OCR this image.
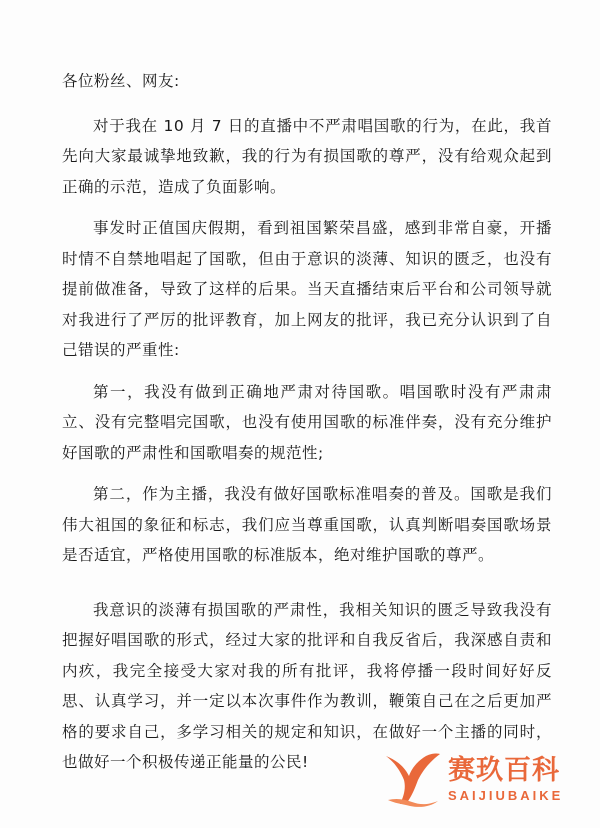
各位粉丝、网友:

对于我在 10 月 7 日的直播中不严肃唱国歌的行为，在此，我首先向大家最诚挚地致歉，我的行为有损国歌的尊严，没有给观众起到正确的示范，造成了负面影响。

事发时正值国庆假期，看到祖国繁荣昌盛，感到非常自豪，开播时情不自禁地唱起了国歌，但由于意识的淡薄、知识的匮乏，也没有提前做准备，导致了这样的后果。当天直播结束后平台和公司领导就对我进行了严厉的批评教育，加上网友的批评，我已充分认识到了自己错误的严重性:

第一，我没有做到正确地严肃对待国歌。唱国歌时没有严肃肃立、没有完整唱完国歌，也没有使用国歌的标准伴奏，没有充分维护好国歌的严肃性和国歌唱奏的规范性;

第二，作为主播，我没有做好国歌标准唱奏的普及。国歌是我们伟大祖国的象征和标志，我们应当尊重国歌，认真判断唱奏国歌场景是否适宜，严格使用国歌的标准版本，绝对维护国歌的尊严。

我意识的淡薄有损国歌的严肃性，我相关知识的匮乏导致我没有把握好唱国歌的形式，经过大家的批评和自我反省后，我深感自责和内疚，我完全接受大家对我的所有批评，我将停播一段时间好好反思、认真学习，并一定以本次事件作为教训，鞭策自己在之后更加严格的要求自己，多学习相关的规定和知识，在做好一个主播的同时，也做好一个积极传递正能量的公民!	赛玖百科
SAIJIUBAIKE
